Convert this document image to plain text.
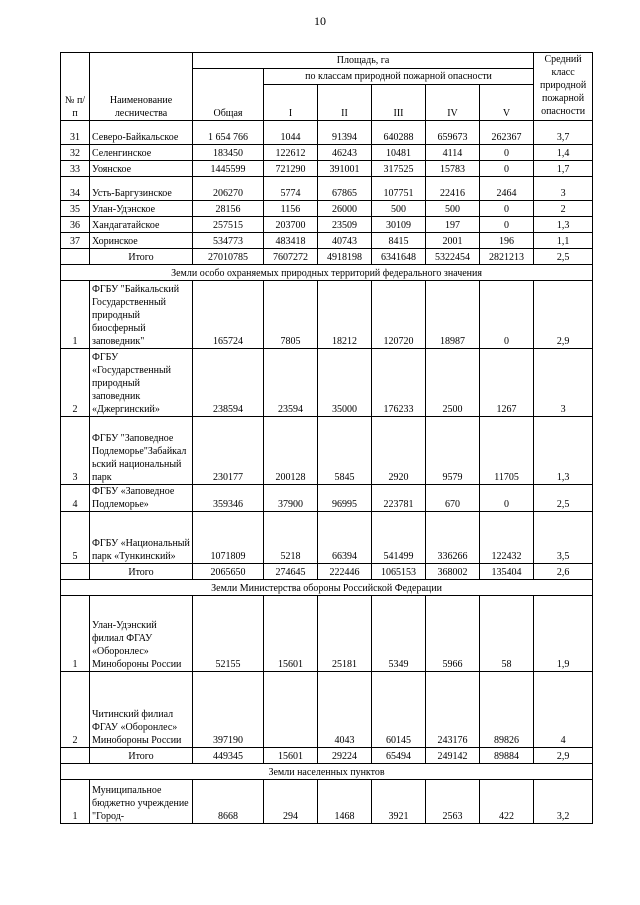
10
№ п/п	Наименование лесничества	Площадь, га						Средний класс природной пожарной опасности
		Общая	по классам природной пожарной опасности					
			I	II	III	IV	V	
31	Северо-Байкальское	1 654 766	1044	91394	640288	659673	262367	3,7
32	Селенгинское	183450	122612	46243	10481	4114	0	1,4
33	Уоянское	1445599	721290	391001	317525	15783	0	1,7
34	Усть-Баргузинское	206270	5774	67865	107751	22416	2464	3
35	Улан-Удэнское	28156	1156	26000	500	500	0	2
36	Хандагатайское	257515	203700	23509	30109	197	0	1,3
37	Хоринское	534773	483418	40743	8415	2001	196	1,1
	Итого	27010785	7607272	4918198	6341648	5322454	2821213	2,5
Земли особо охраняемых природных территорий федерального значения								
1	ФГБУ "Байкальский Государственный природный биосферный заповедник"	165724	7805	18212	120720	18987	0	2,9
2	ФГБУ «Государственный природный заповедник «Джергинский»	238594	23594	35000	176233	2500	1267	3
3	ФГБУ "Заповедное Подлеморье"Забайкальский национальный парк	230177	200128	5845	2920	9579	11705	1,3
4	ФГБУ «Заповедное Подлеморье»	359346	37900	96995	223781	670	0	2,5
5	ФГБУ «Национальный парк «Тункинский»	1071809	5218	66394	541499	336266	122432	3,5
	Итого	2065650	274645	222446	1065153	368002	135404	2,6
Земли Министерства обороны Российской Федерации								
1	Улан-Удэнский филиал ФГАУ «Оборонлес» Минобороны России	52155	15601	25181	5349	5966	58	1,9
2	Читинский филиал ФГАУ «Оборонлес» Минобороны России	397190		4043	60145	243176	89826	4
	Итого	449345	15601	29224	65494	249142	89884	2,9
Земли населенных пунктов								
1	Муниципальное бюджетно учреждение "Город-	8668	294	1468	3921	2563	422	3,2
